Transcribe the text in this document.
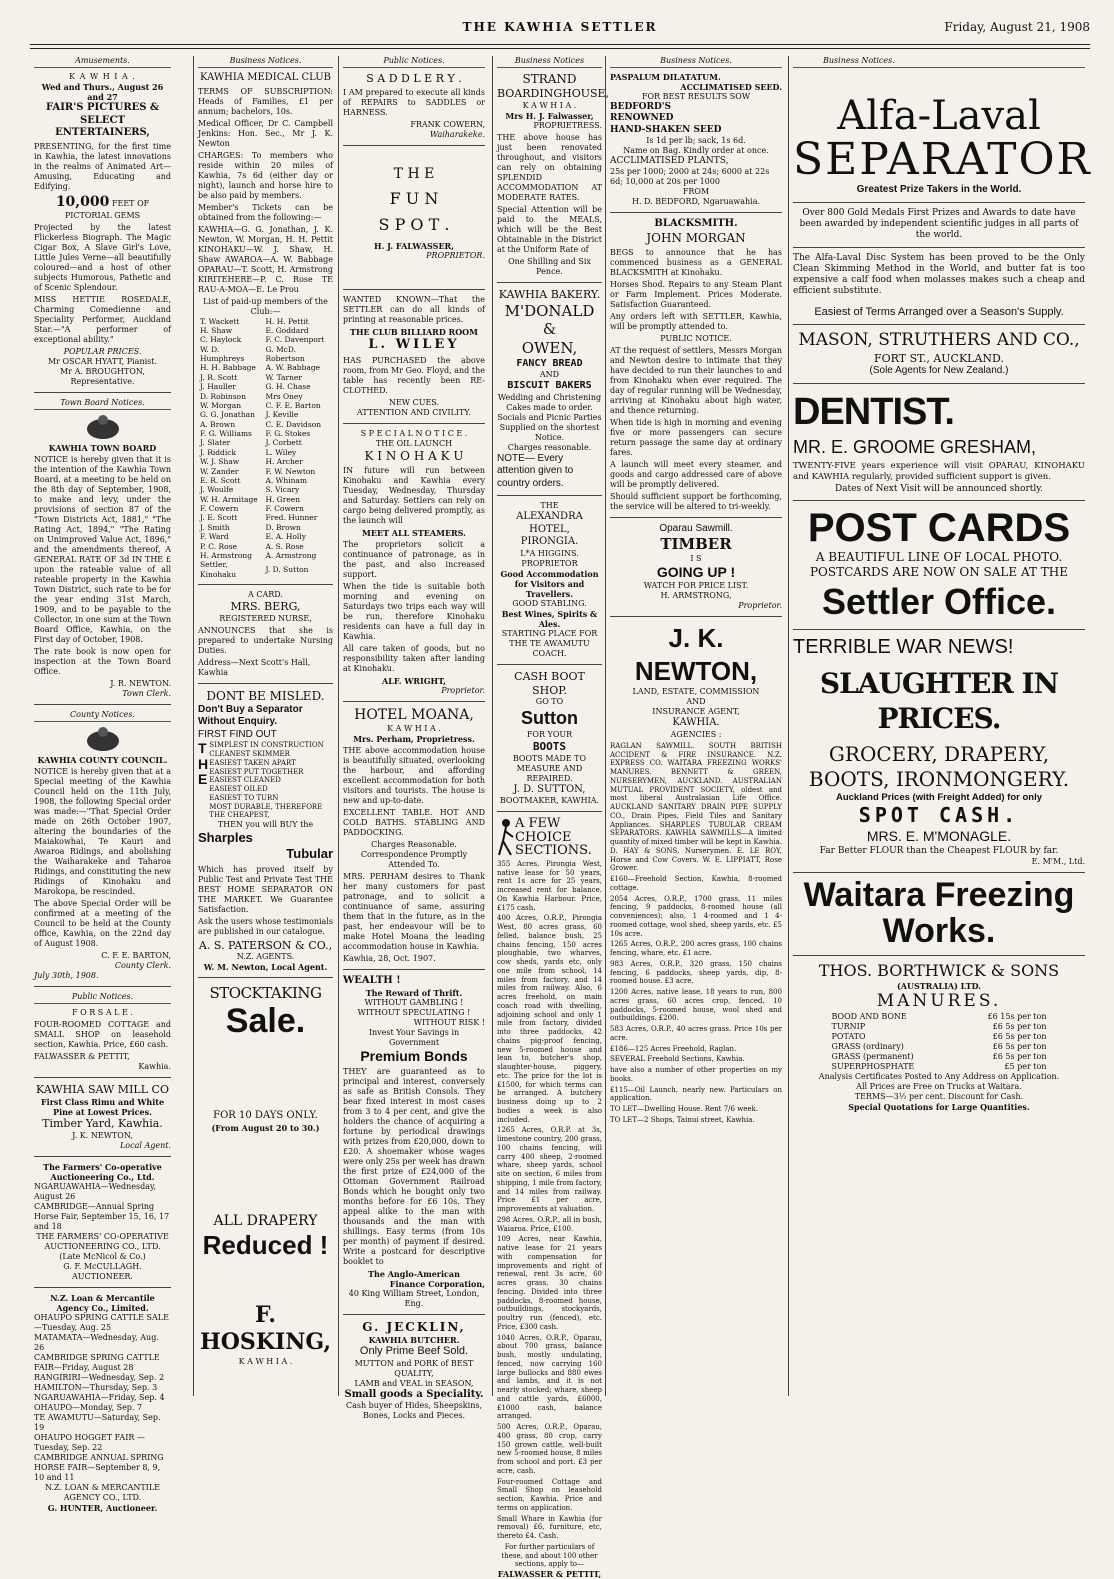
THE KAWHIA SETTLER	Friday, August 21, 1908
Amusements.
K A W H I A .
Wed and Thurs., August 26 and 27
FAIR'S PICTURES & SELECT ENTERTAINERS,

PRESENTING, for the first time in Kawhia, the latest innovations in the realms of Animated Art—Amusing, Educating and Edifying.

10,000 FEET OF PICTORIAL GEMS

Projected by the latest Flickerless Biograph. The Magic Cigar Box, A Slave Girl's Love, Little Jules Verne—all beautifully coloured—and a host of other subjects Humorous, Pathetic and of Scenic Splendour.

MISS HETTIE ROSEDALE, Charming Comedienne and Speciality Performer, Auckland Star.—"A performer of exceptional ability."

POPULAR PRICES.
Mr OSCAR HYATT, Pianist.
Mr A. BROUGHTON, Representative.
Town Board Notices.
KAWHIA TOWN BOARD

NOTICE is hereby given that it is the intention of the Kawhia Town Board, at a meeting to be held on the 8th day of September, 1908, to make and levy, under the provisions of section 87 of the "Town Districts Act, 1881," "The Rating Act, 1894," "The Rating on Unimproved Value Act, 1896," and the amendments thereof, A GENERAL RATE OF 3d IN THE £ upon the rateable value of all rateable property in the Kawhia Town District, such rate to be for the year ending 31st March, 1909, and to be payable to the Collector, in one sum at the Town Board Office, Kawhia, on the First day of October, 1908.

The rate book is now open for inspection at the Town Board Office.

J. R. NEWTON.
Town Clerk.
County Notices.
KAWHIA COUNTY COUNCIL.

NOTICE is hereby given that at a Special meeting of the Kawhia Council held on the 11th July, 1908, the following Special order was made:—"That Special Order made on 26th October 1907, altering the boundaries of the Maiakowhai, Te Kauri and Awaroa Ridings, and abolishing the Waiharakeke and Taharoa Ridings, and constituting the new Ridings of Kinohaku and Marokopa, be rescinded.

The above Special Order will be confirmed at a meeting of the Council to be held at the County office, Kawhia, on the 22nd day of August 1908.

C. F. E. BARTON,
County Clerk.
July 30th, 1908.
Public Notices.
F O R S A L E .

FOUR-ROOMED COTTAGE and SMALL SHOP on leasehold section, Kawhia. Price, £60 cash.

FALWASSER & PETTIT,
Kawhia.
KAWHIA SAW MILL CO
First Class Rimu and White Pine at Lowest Prices.
Timber Yard, Kawhia.
J. K. NEWTON,
Local Agent.
The Farmers' Co-operative Auctioneering Co., Ltd.
NGARUAWAHIA—Wednesday, August 26
CAMBRIDGE—Annual Spring Horse Fair, September 15, 16, 17 and 18
THE FARMERS' CO-OPERATIVE AUCTIONEERING CO., LTD.
(Late McNicol & Co.)
G. F. McCULLAGH. AUCTIONEER.
N.Z. Loan & Mercantile Agency Co., Limited.
OHAUPO SPRING CATTLE SALE —Tuesday, Aug. 25
MATAMATA—Wednesday, Aug. 26
CAMBRIDGE SPRING CATTLE FAIR—Friday, August 28
RANGIRIRI—Wednesday, Sep. 2
HAMILTON—Thursday, Sep. 3
NGARUAWAHIA—Friday, Sep. 4
OHAUPO—Monday, Sep. 7
TE AWAMUTU—Saturday, Sep. 19
OHAUPO HOGGET FAIR — Tuesday, Sep. 22
CAMBRIDGE ANNUAL SPRING HORSE FAIR—September 8, 9, 10 and 11
N.Z. LOAN & MERCANTILE AGENCY CO., LTD.
G. HUNTER, Auctioneer.
Business Notices.
KAWHIA MEDICAL CLUB

TERMS OF SUBSCRIPTION: Heads of Families, £1 per annum; bachelors, 10s.

Medical Officer, Dr C. Campbell Jenkins: Hon. Sec., Mr J. K. Newton

CHARGES: To members who reside within 20 miles of Kawhia, 7s 6d (either day or night), launch and horse hire to be also paid by members.

Member's Tickets can be obtained from the following:—

KAWHIA—G. G. Jonathan, J. K. Newton, W. Morgan, H. H. Pettit KINOHAKU—W. J. Shaw, H. Shaw AWAROA—A. W. Babbage OPARAU—T. Scott, H. Armstrong KIRITEHERE—P. C. Rose TE RAU-A-MOA—E. Le Prou

List of paid-up members of the Club:—
T. Wackett	H. H. Pettit
H. Shaw	E. Goddard
C. Haylock	F. C. Davenport
W. D. Humphreys	G. McD. Robertson
H. H. Babbage	A. W. Babbage
J. R. Scott	W. Tarner
J. Hauller	G. H. Chase
D. Robinson	Mrs Oney
W. Morgan	C. F. E. Barton
G. G. Jonathan	J. Keville
A. Brown	C. E. Davidson
F. G. Williams	F. G. Stokes
J. Slater	J. Corbett
J. Riddick	L. Wiley
W. J. Shaw	H. Archer
W. Zander	F. W. Newton
E. R. Scott	A. Whinam
J. Woulfe	S. Vicary
W. H. Armitage	H. Green
F. Cowern	F. Cowern
J. E. Scott	Fred. Hunner
J. Smith	D. Brown
F. Ward	E. A. Holly
P. C. Rose	A. S. Rose
H. Armstrong	A. Armstrong
Settler, Kinohaku	J. D. Sutton
A CARD.
MRS. BERG,
REGISTERED NURSE,

ANNOUNCES that she is prepared to undertake Nursing Duties.

Address—Next Scott's Hall, Kawhia
DONT BE MISLED.
Don't Buy a Separator Without Enquiry.
FIRST FIND OUT
T
H
E
SIMPLEST IN CONSTRUCTION
CLEANEST SKIMMER
EASIEST TAKEN APART
EASIEST PUT TOGETHER
EASIEST CLEANED
EASIEST OILED
EASIEST TO TURN
MOST DURABLE, THEREFORE THE CHEAPEST,
THEN you will BUY the
Sharples
Tubular

Which has proved itself by Public Test and Private Test THE BEST HOME SEPARATOR ON THE MARKET. We Guarantee Satisfaction.

Ask the users whose testimonials are published in our catalogue.

A. S. PATERSON & CO.,
N.Z. AGENTS.
W. M. Newton, Local Agent.
STOCKTAKING
Sale.
FOR 10 DAYS ONLY.
(From August 20 to 30.)
ALL DRAPERY
Reduced !
F. HOSKING,
K A W H I A .
Public Notices.
S A D D L E R Y .

I AM prepared to execute all kinds of REPAIRS to SADDLES or HARNESS.

FRANK COWERN,
Waiharakeke.
T H E
F U N
S P O T .
H. J. FALWASSER,
PROPRIETOR.

WANTED KNOWN—That the SETTLER can do all kinds of printing at reasonable prices.

THE CLUB BILLIARD ROOM
L. WILEY

HAS PURCHASED the above room, from Mr Geo. Floyd, and the table has recently been RE-CLOTHED.

NEW CUES.
ATTENTION AND CIVILITY.
S P E C I A L N O T I C E .
THE OIL LAUNCH
K I N O H A K U

IN future will run between Kinohaku and Kawhia every Tuesday, Wednesday, Thursday and Saturday. Settlers can rely on cargo being delivered promptly, as the launch will

MEET ALL STEAMERS.

The proprietors solicit a continuance of patronage, as in the past, and also increased support.

When the tide is suitable both morning and evening on Saturdays two trips each way will be run, therefore Kinohaku residents can have a full day in Kawhia.

All care taken of goods, but no responsibility taken after landing at Kinohaku.

ALF. WRIGHT,
Proprietor.
HOTEL MOANA,
K A W H I A .
Mrs. Perham, Proprietress.

THE above accommodation house is beautifully situated, overlooking the harbour, and affording excellent accommodation for both visitors and tourists. The house is new and up-to-date.

EXCELLENT TABLE. HOT AND COLD BATHS. STABLING AND PADDOCKING.

Charges Reasonable. Correspondence Promptly Attended To.

MRS. PERHAM desires to Thank her many customers for past patronage, and to solicit a continuance of same, assuring them that in the future, as in the past, her endeavour will be to make Hotel Moana the leading accommodation house in Kawhia.

Kawhia, 28, Oct. 1907.
WEALTH !
The Reward of Thrift.
WITHOUT GAMBLING !
WITHOUT SPECULATING !
WITHOUT RISK !
Invest Your Savings in Government
Premium Bonds

THEY are guaranteed as to principal and interest, conversely as safe as British Consols. They bear fixed interest in most cases from 3 to 4 per cent, and give the holders the chance of acquiring a fortune by periodical drawings with prizes from £20,000, down to £20. A shoemaker whose wages were only 25s per week has drawn the first prize of £24,000 of the Ottoman Government Railroad Bonds which he bought only two months before for £6 10s. They appeal alike to the man with thousands and the man with shillings. Easy terms (from 10s per month) of payment if desired. Write a postcard for descriptive booklet to

The Anglo-American
Finance Corporation,
40 King William Street, London, Eng.
G. JECKLIN,
KAWHIA BUTCHER.
Only Prime Beef Sold.
MUTTON and PORK of BEST QUALITY,
LAMB and VEAL in SEASON,
Small goods a Speciality.
Cash buyer of Hides, Sheepskins, Bones, Locks and Pieces.
Business Notices
STRAND
BOARDINGHOUSE,
K A W H I A .
Mrs H. J. Falwasser,
PROPRIETRESS.

THE above house has just been renovated throughout, and visitors can rely on obtaining SPLENDID ACCOMMODATION AT MODERATE RATES.

Special Attention will be paid to the MEALS, which will be the Best Obtainable in the District at the Uniform Rate of

One Shilling and Six Pence.
KAWHIA BAKERY.
M'DONALD &
OWEN,
FANCY BREAD
AND
BISCUIT BAKERS
Wedding and Christening Cakes made to order. Socials and Picnic Parties Supplied on the shortest Notice.
Charges reasonable.
NOTE— Every attention given to country orders.
THE
ALEXANDRA HOTEL,
PIRONGIA.
L*A HIGGINS. PROPRIETOR
Good Accommodation for Visitors and Travellers.
GOOD STABLING.
Best Wines, Spirits & Ales.
STARTING PLACE FOR THE TE AWAMUTU COACH.
CASH BOOT SHOP.
GO TO
Sutton
FOR YOUR
BOOTS
BOOTS MADE TO MEASURE AND REPAIRED.
J. D. SUTTON,
BOOTMAKER, KAWHIA.
A FEW
CHOICE
SECTIONS.

355 Acres, Pirongia West, native lease for 50 years, rent 1s acre for 25 years, increased rent for balance. On Kawhia Harbour. Price, £175 cash.

400 Acres, O.R.P., Pirongia West, 80 acres grass, 60 felled, balance bush, 25 chains fencing, 150 acres ploughable, two wharves, cow sheds, yards etc, only one mile from school, 14 miles from factory, and 14 miles from railway. Also, 6 acres freehold, on main coach road with dwelling, adjoining school and only 1 mile from factory, divided into three paddocks, 42 chains pig-proof fencing, new 5-roomed house and lean to, butcher's shop, slaughter-house, piggery, etc. The price for the lot is £1500, for which terms can be arranged. A butchery business doing up to 2 bodies a week is also included.

1265 Acres, O.R.P. at 3s, limestone country, 200 grass, 100 chains fencing, will carry 400 sheep, 2-roomed whare, sheep yards, school site on section, 6 miles from shipping, 1 mile from factory, and 14 miles from railway. Price £1 per acre, improvements at valuation.

298 Acres, O.R.P., all in bush, Waiaroa. Price, £100.

109 Acres, near Kawhia, native lease for 21 years with compensation for improvements and right of renewal, rent 3s acre, 60 acres grass, 30 chains fencing. Divided into three paddocks, 8-roomed house, outbuildings, stockyards, poultry run (fenced), etc. Price, £300 cash.

1040 Acres, O.R.P., Oparau, about 700 grass, balance bush, mostly undulating, fenced, now carrying 160 large bullocks and 880 ewes and lambs, and it is not nearly stocked; whare, sheep and cattle yards, £6000, £1000 cash, balance arranged.

500 Acres, O.R.P., Oparau, 400 grass, 80 crop, carry 150 grown cattle, well-built new 5-roomed house, 8 miles from school and port. £3 per acre, cash.

Four-roomed Cottage and Small Shop on leasehold section, Kawhia. Price and terms on application.

Small Whare in Kawhia (for removal) £6, furniture, etc, thereto £4. Cash.

For further particulars of these, and about 100 other sections, apply to—
FALWASSER & PETTIT,
Business Notices.
PASPALUM DILATATUM.
ACCLIMATISED SEED.
FOR BEST RESULTS SOW
BEDFORD'S
RENOWNED
HAND-SHAKEN SEED
Is 1d per lb; sack, 1s 6d.
Name on Bag. Kindly order at once.
ACCLIMATISED PLANTS,
25s per 1000; 2000 at 24s; 6000 at 22s 6d; 10,000 at 20s per 1000
FROM
H. D. BEDFORD, Ngaruawahia.
BLACKSMITH.
JOHN MORGAN

BEGS to announce that he has commenced business as a GENERAL BLACKSMITH at Kinohaku.

Horses Shod. Repairs to any Steam Plant or Farm Implement. Prices Moderate. Satisfaction Guaranteed.

Any orders left with SETTLER, Kawhia, will be promptly attended to.

PUBLIC NOTICE.

AT the request of settlers, Messrs Morgan and Newton desire to intimate that they have decided to run their launches to and from Kinohaku when ever required. The day of regular running will be Wednesday, arriving at Kinohaku about high water, and thence returning.

When tide is high in morning and evening five or more passengers can secure return passage the same day at ordinary fares.

A launch will meet every steamer, and goods and cargo addressed care of above will be promptly delivered.

Should sufficient support be forthcoming, the service will be altered to tri-weekly.

Oparau Sawmill.
TIMBER
I S
GOING UP !
WATCH FOR PRICE LIST.
H. ARMSTRONG,
Proprietor.
J. K. NEWTON,
LAND, ESTATE, COMMISSION
AND
INSURANCE AGENT,
KAWHIA.
AGENCIES :

RAGLAN SAWMILL. SOUTH BRITISH ACCIDENT & FIRE INSURANCE. N.Z. EXPRESS CO. WAITARA FREEZING WORKS' MANURES. BENNETT & GREEN, NURSERYMEN, AUCKLAND. AUSTRALIAN MUTUAL PROVIDENT SOCIETY, oldest and most liberal Australasian Life Office. AUCKLAND SANITARY DRAIN PIPE SUPPLY CO., Drain Pipes, Field Tiles and Sanitary Appliances. SHARPLES TUBULAR CREAM SEPARATORS. KAWHIA SAWMILLS—A limited quantity of mixed timber will be kept in Kawhia. D. HAY & SONS, Nurserymen. E. LE ROY, Horse and Cow Covers. W. E. LIPPIATT, Rose Grower.

£160—Freehold Section, Kawhia, 8-roomed cottage.

2054 Acres, O.R.P., 1700 grass, 11 miles fencing, 9 paddocks, 8-roomed house (all conveniences); also, 1 4-roomed and 1 4-roomed cottage, wool shed, sheep yards, etc. £5 10s acre.

1265 Acres, O.R.P., 200 acres grass, 100 chains fencing, whare, etc. £1 acre.

983 Acres, O.R.P., 320 grass, 150 chains fencing, 6 paddocks, sheep yards, dip, 8-roomed house. £3 acre.

1200 Acres, native lease, 18 years to run, 800 acres grass, 60 acres crop, fenced, 10 paddocks, 5-roomed house, wool shed and outbuildings. £200.

583 Acres, O.R.P., 40 acres grass. Price 10s per acre.

£186—125 Acres Freehold, Raglan.

SEVERAL Freehold Sections, Kawhia.

have also a number of other properties on my books.

£115—Oil Launch, nearly new. Particulars on application.

TO LET—Dwelling House. Rent 7/6 week.

TO LET—2 Shops, Tainui street, Kawhia.

Business Notices.
Alfa-Laval
SEPARATOR
Greatest Prize Takers in the World.
Over 800 Gold Medals First Prizes and Awards to date have been awarded by independent scientific judges in all parts of the world.

The Alfa-Laval Disc System has been proved to be the Only Clean Skimming Method in the World, and butter fat is too expensive a calf food when molasses makes such a cheap and efficient substitute.

Easiest of Terms Arranged over a Season's Supply.
MASON, STRUTHERS AND CO.,
FORT ST., AUCKLAND.
(Sole Agents for New Zealand.)
DENTIST.
MR. E. GROOME GRESHAM,

TWENTY-FIVE years experience will visit OPARAU, KINOHAKU and KAWHIA regularly, provided sufficient support is given.

Dates of Next Visit will be announced shortly.
POST CARDS
A BEAUTIFUL LINE OF LOCAL PHOTO.
POSTCARDS ARE NOW ON SALE AT THE
Settler Office.
TERRIBLE WAR NEWS!
SLAUGHTER IN PRICES.
GROCERY, DRAPERY,
BOOTS, IRONMONGERY.
Auckland Prices (with Freight Added) for only
SPOT CASH.
MRS. E. M'MONAGLE.
Far Better FLOUR than the Cheapest FLOUR by far.
E. M'M., Ltd.
Waitara Freezing
Works.
THOS. BORTHWICK & SONS
(AUSTRALIA) LTD.
MANURES.
BOOD AND BONE	£6 15s per ton
TURNIP	£6 5s per ton
POTATO	£6 5s per ton
GRASS (ordinary)	£6 5s per ton
GRASS (permanent)	£6 5s per ton
SUPERPHOSPHATE	£5 per ton
Analysis Certificates Posted to Any Address on Application.
All Prices are Free on Trucks at Waitara.
TERMS—3½ per cent. Discount for Cash.
Special Quotations for Large Quantities.
